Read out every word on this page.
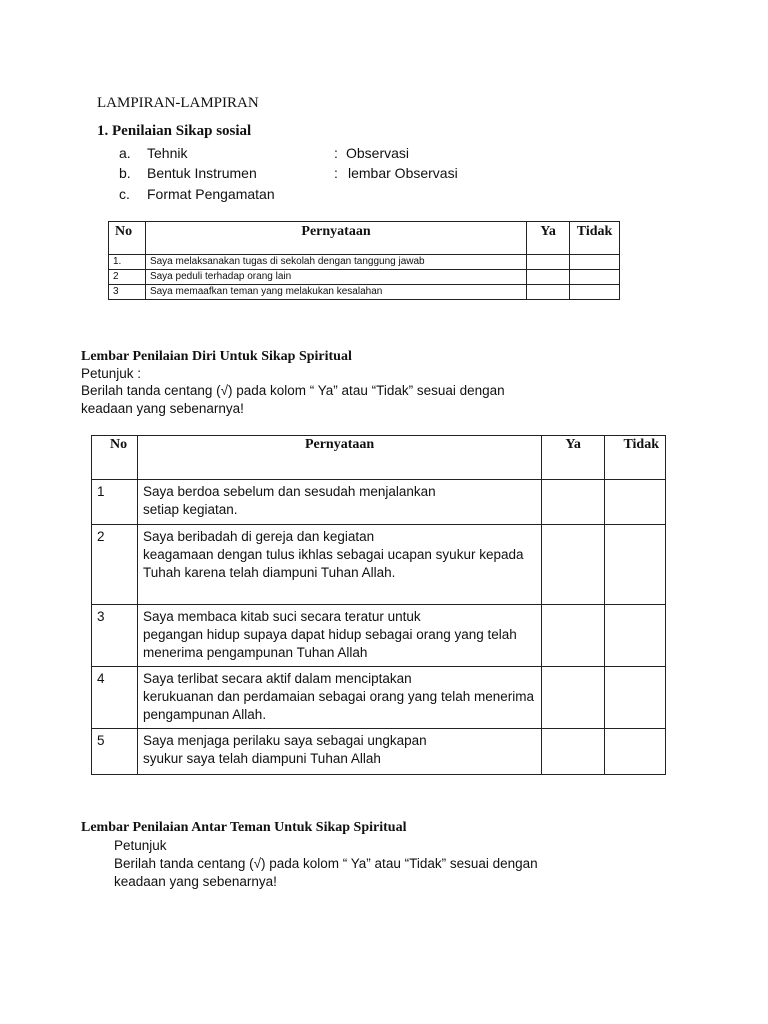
LAMPIRAN-LAMPIRAN
1. Penilaian Sikap sosial
a. Tehnik	: Observasi
b. Bentuk Instrumen	: lembar Observasi
c. Format Pengamatan
No	Pernyataan	Ya	Tidak
1.	Saya melaksanakan tugas di sekolah dengan tanggung jawab		
2	Saya peduli terhadap orang lain		
3	Saya memaafkan teman yang melakukan kesalahan		
Lembar Penilaian Diri Untuk Sikap Spiritual
Petunjuk :
Berilah tanda centang (√) pada kolom “ Ya” atau “Tidak” sesuai dengan
keadaan yang sebenarnya!
No	Pernyataan	Ya	Tidak
1	Saya berdoa sebelum dan sesudah menjalankan
setiap kegiatan.		
2	Saya beribadah di gereja dan kegiatan
keagamaan dengan tulus ikhlas sebagai ucapan syukur kepada
Tuhah karena telah diampuni Tuhan Allah.		
3	Saya membaca kitab suci secara teratur untuk
pegangan hidup supaya dapat hidup sebagai orang yang telah
menerima pengampunan Tuhan Allah		
4	Saya terlibat secara aktif dalam menciptakan
kerukuanan dan perdamaian sebagai orang yang telah menerima
pengampunan Allah.		
5	Saya menjaga perilaku saya sebagai ungkapan
syukur saya telah diampuni Tuhan Allah		
Lembar Penilaian Antar Teman Untuk Sikap Spiritual
Petunjuk
Berilah tanda centang (√) pada kolom “ Ya” atau “Tidak” sesuai dengan
keadaan yang sebenarnya!
